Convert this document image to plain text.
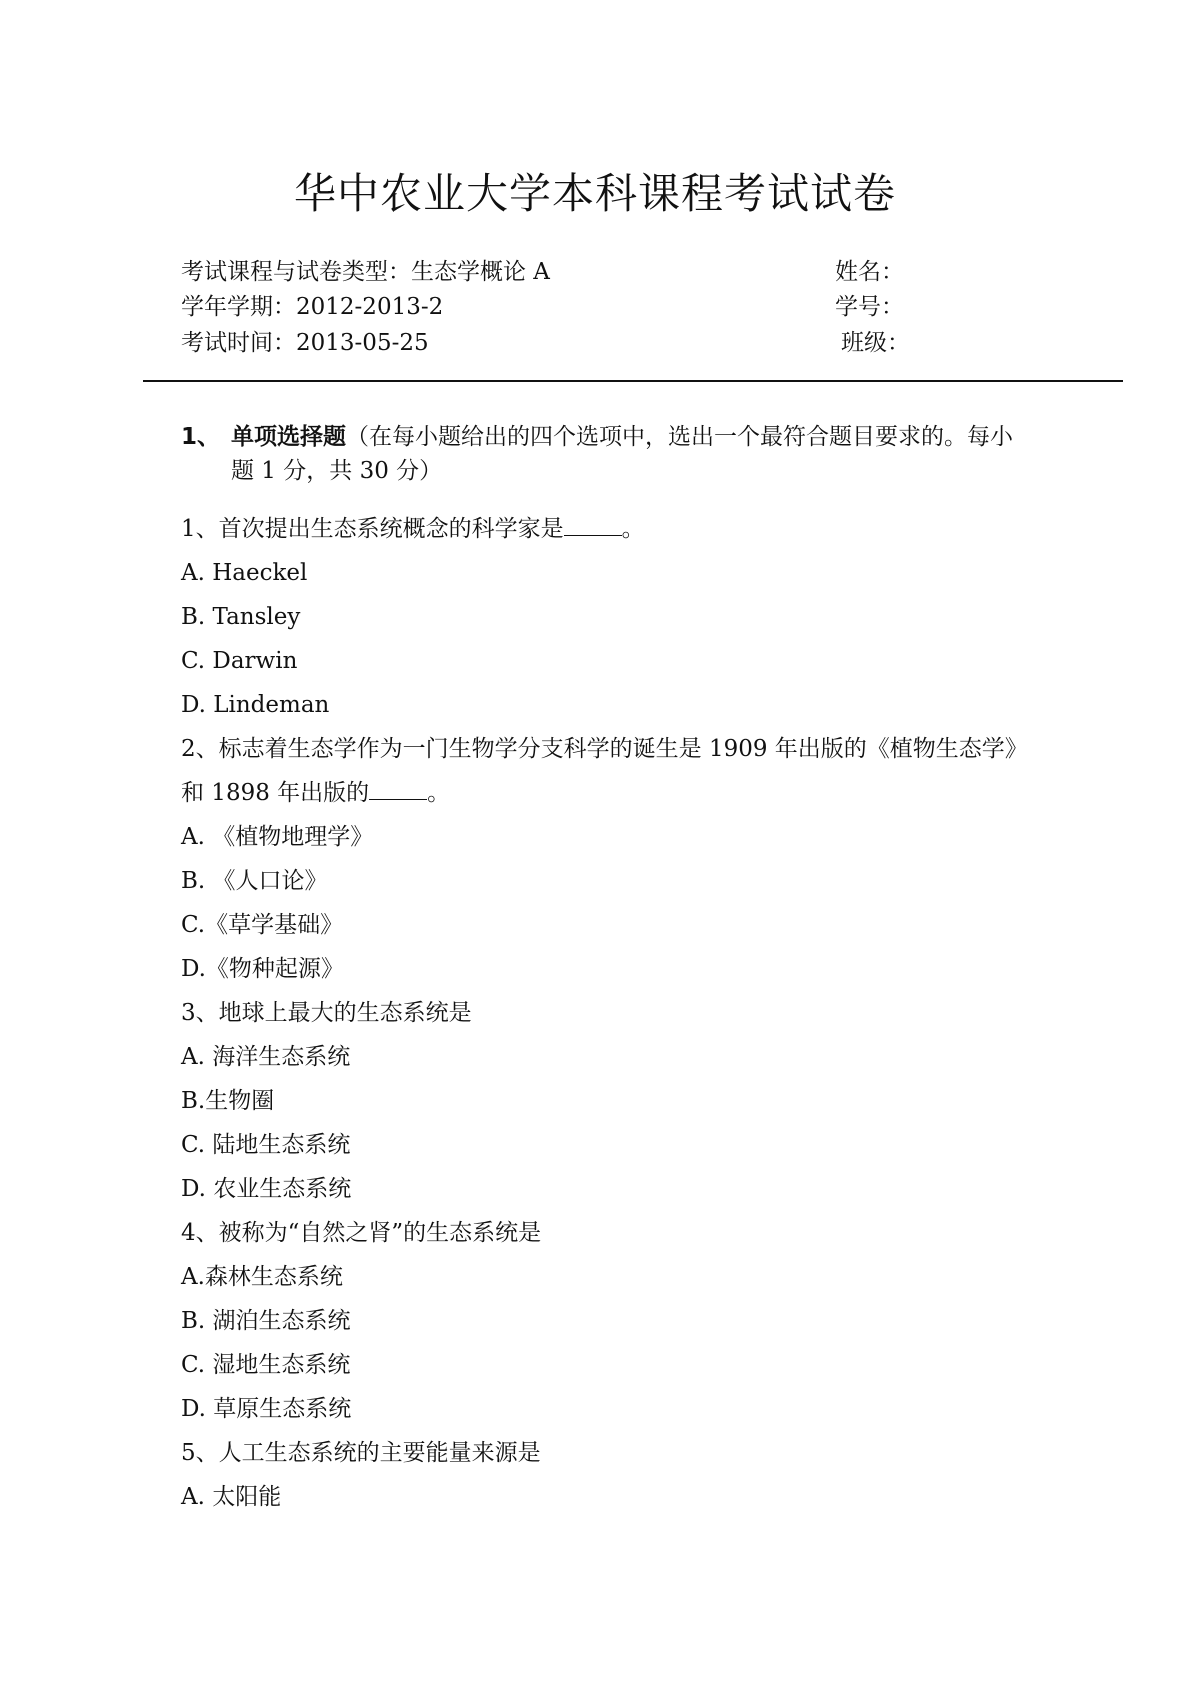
华中农业大学本科课程考试试卷
考试课程与试卷类型：生态学概论 A
学年学期：2012-2013-2
考试时间：2013-05-25
姓名：
学号：
班级：
1、 单项选择题（在每小题给出的四个选项中，选出一个最符合题目要求的。每小题 1 分，共 30 分）

1、首次提出生态系统概念的科学家是	。

A. Haeckel

B. Tansley

C. Darwin

D. Lindeman

2、标志着生态学作为一门生物学分支科学的诞生是 1909 年出版的《植物生态学》和 1898 年出版的	。

A. 《植物地理学》

B. 《人口论》

C.《草学基础》

D.《物种起源》

3、地球上最大的生态系统是

A. 海洋生态系统

B.生物圈

C. 陆地生态系统

D. 农业生态系统

4、被称为“自然之肾”的生态系统是

A.森林生态系统

B. 湖泊生态系统

C. 湿地生态系统

D. 草原生态系统

5、人工生态系统的主要能量来源是

A. 太阳能
